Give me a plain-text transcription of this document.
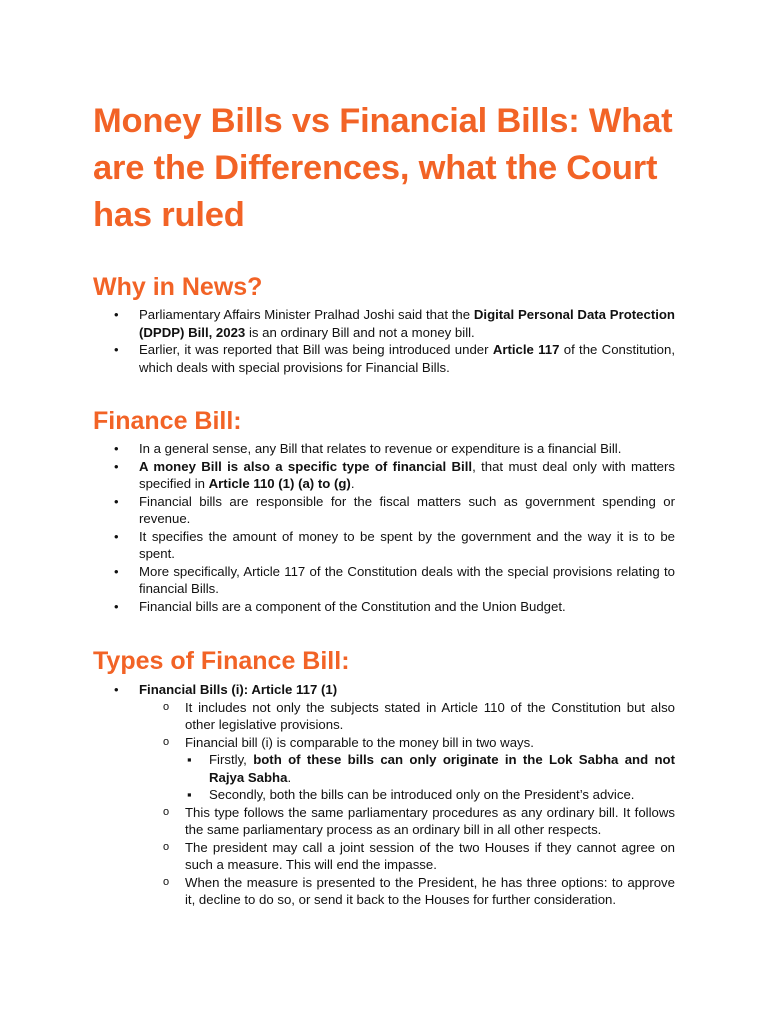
Money Bills vs Financial Bills: What are the Differences, what the Court has ruled
Why in News?
• Parliamentary Affairs Minister Pralhad Joshi said that the Digital Personal Data Protection (DPDP) Bill, 2023 is an ordinary Bill and not a money bill.
• Earlier, it was reported that Bill was being introduced under Article 117 of the Constitution, which deals with special provisions for Financial Bills.
Finance Bill:
• In a general sense, any Bill that relates to revenue or expenditure is a financial Bill.
• A money Bill is also a specific type of financial Bill, that must deal only with matters specified in Article 110 (1) (a) to (g).
• Financial bills are responsible for the fiscal matters such as government spending or revenue.
• It specifies the amount of money to be spent by the government and the way it is to be spent.
• More specifically, Article 117 of the Constitution deals with the special provisions relating to financial Bills.
• Financial bills are a component of the Constitution and the Union Budget.
Types of Finance Bill:
• Financial Bills (i): Article 117 (1)
o It includes not only the subjects stated in Article 110 of the Constitution but also other legislative provisions.
o Financial bill (i) is comparable to the money bill in two ways.
▪ Firstly, both of these bills can only originate in the Lok Sabha and not Rajya Sabha.
▪ Secondly, both the bills can be introduced only on the President’s advice.
o This type follows the same parliamentary procedures as any ordinary bill. It follows the same parliamentary process as an ordinary bill in all other respects.
o The president may call a joint session of the two Houses if they cannot agree on such a measure. This will end the impasse.
o When the measure is presented to the President, he has three options: to approve it, decline to do so, or send it back to the Houses for further consideration.
